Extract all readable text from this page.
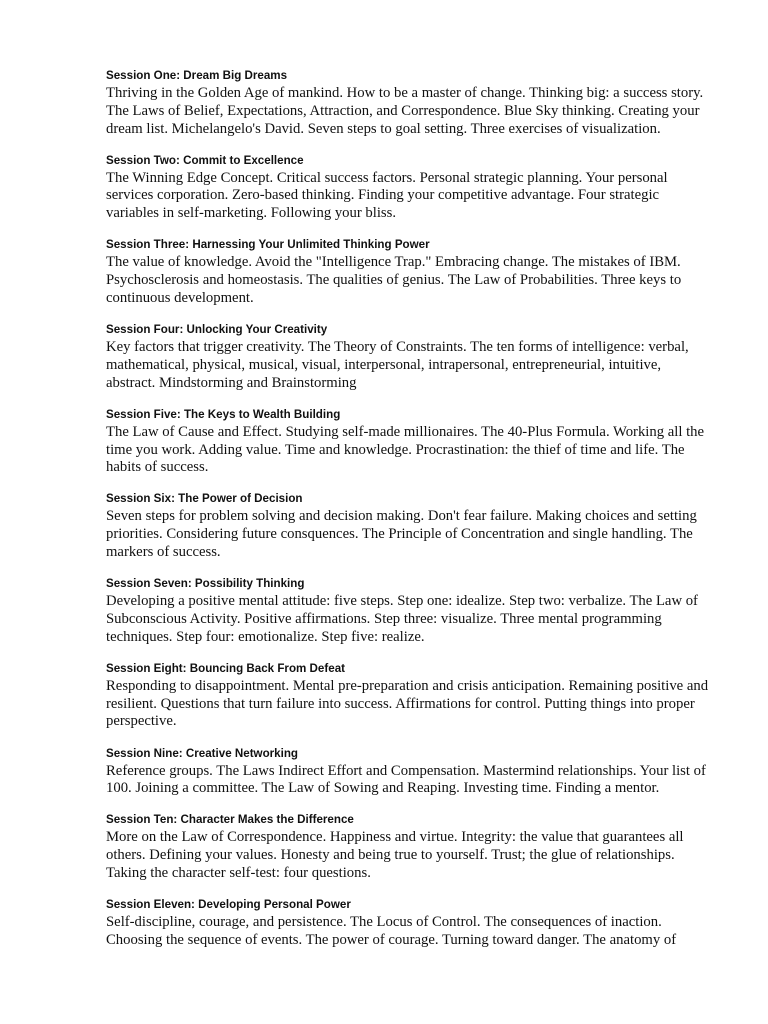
Session One: Dream Big Dreams

Thriving in the Golden Age of mankind. How to be a master of change. Thinking big: a success story.
The Laws of Belief, Expectations, Attraction, and Correspondence. Blue Sky thinking. Creating your
dream list. Michelangelo's David. Seven steps to goal setting. Three exercises of visualization.

Session Two: Commit to Excellence

The Winning Edge Concept. Critical success factors. Personal strategic planning. Your personal
services corporation. Zero-based thinking. Finding your competitive advantage. Four strategic
variables in self-marketing. Following your bliss.

Session Three: Harnessing Your Unlimited Thinking Power

The value of knowledge. Avoid the "Intelligence Trap." Embracing change. The mistakes of IBM.
Psychosclerosis and homeostasis. The qualities of genius. The Law of Probabilities. Three keys to
continuous development.

Session Four: Unlocking Your Creativity

Key factors that trigger creativity. The Theory of Constraints. The ten forms of intelligence: verbal,
mathematical, physical, musical, visual, interpersonal, intrapersonal, entrepreneurial, intuitive,
abstract. Mindstorming and Brainstorming

Session Five: The Keys to Wealth Building

The Law of Cause and Effect. Studying self-made millionaires. The 40-Plus Formula. Working all the
time you work. Adding value. Time and knowledge. Procrastination: the thief of time and life. The
habits of success.

Session Six: The Power of Decision

Seven steps for problem solving and decision making. Don't fear failure. Making choices and setting
priorities. Considering future consquences. The Principle of Concentration and single handling. The
markers of success.

Session Seven: Possibility Thinking

Developing a positive mental attitude: five steps. Step one: idealize. Step two: verbalize. The Law of
Subconscious Activity. Positive affirmations. Step three: visualize. Three mental programming
techniques. Step four: emotionalize. Step five: realize.

Session Eight: Bouncing Back From Defeat

Responding to disappointment. Mental pre-preparation and crisis anticipation. Remaining positive and
resilient. Questions that turn failure into success. Affirmations for control. Putting things into proper
perspective.

Session Nine: Creative Networking

Reference groups. The Laws Indirect Effort and Compensation. Mastermind relationships. Your list of
100. Joining a committee. The Law of Sowing and Reaping. Investing time. Finding a mentor.

Session Ten: Character Makes the Difference

More on the Law of Correspondence. Happiness and virtue. Integrity: the value that guarantees all
others. Defining your values. Honesty and being true to yourself. Trust; the glue of relationships.
Taking the character self-test: four questions.

Session Eleven: Developing Personal Power

Self-discipline, courage, and persistence. The Locus of Control. The consequences of inaction.
Choosing the sequence of events. The power of courage. Turning toward danger. The anatomy of
